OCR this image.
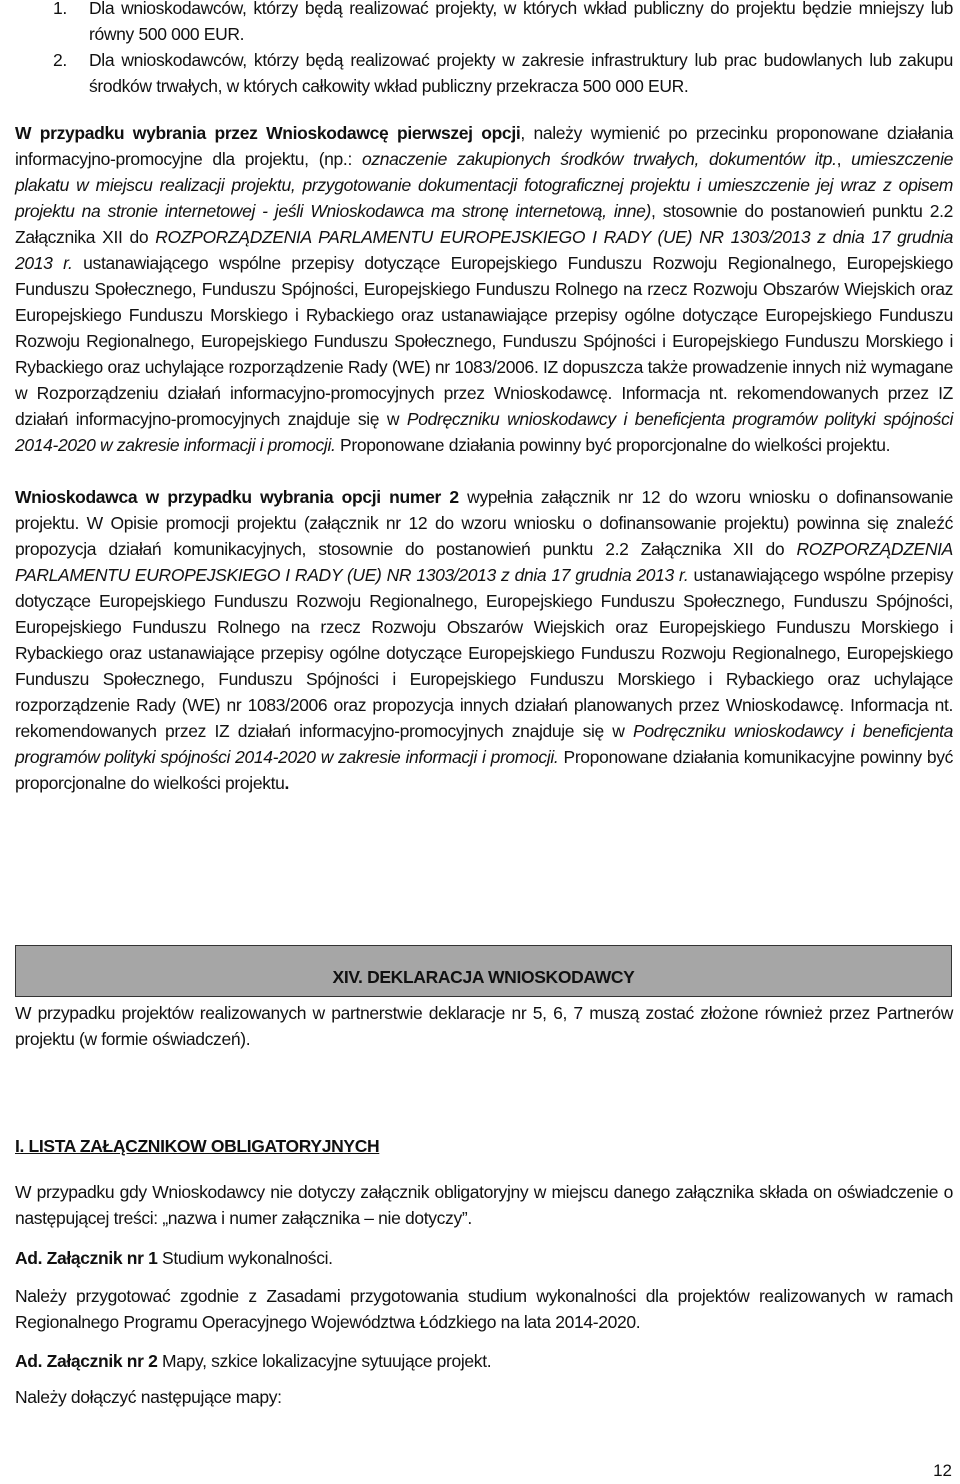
1. Dla wnioskodawców, którzy będą realizować projekty, w których wkład publiczny do projektu będzie mniejszy lub równy 500 000 EUR.
2. Dla wnioskodawców, którzy będą realizować projekty w zakresie infrastruktury lub prac budowlanych lub zakupu środków trwałych, w których całkowity wkład publiczny przekracza 500 000 EUR.

W przypadku wybrania przez Wnioskodawcę pierwszej opcji, należy wymienić po przecinku proponowane działania informacyjno-promocyjne dla projektu, (np.: oznaczenie zakupionych środków trwałych, dokumentów itp., umieszczenie plakatu w miejscu realizacji projektu, przygotowanie dokumentacji fotograficznej projektu i umieszczenie jej wraz z opisem projektu na stronie internetowej - jeśli Wnioskodawca ma stronę internetową, inne), stosownie do postanowień punktu 2.2 Załącznika XII do ROZPORZĄDZENIA PARLAMENTU EUROPEJSKIEGO I RADY (UE) NR 1303/2013 z dnia 17 grudnia 2013 r. ustanawiającego wspólne przepisy dotyczące Europejskiego Funduszu Rozwoju Regionalnego, Europejskiego Funduszu Społecznego, Funduszu Spójności, Europejskiego Funduszu Rolnego na rzecz Rozwoju Obszarów Wiejskich oraz Europejskiego Funduszu Morskiego i Rybackiego oraz ustanawiające przepisy ogólne dotyczące Europejskiego Funduszu Rozwoju Regionalnego, Europejskiego Funduszu Społecznego, Funduszu Spójności i Europejskiego Funduszu Morskiego i Rybackiego oraz uchylające rozporządzenie Rady (WE) nr 1083/2006. IZ dopuszcza także prowadzenie innych niż wymagane w Rozporządzeniu działań informacyjno-promocyjnych przez Wnioskodawcę. Informacja nt. rekomendowanych przez IZ działań informacyjno-promocyjnych znajduje się w Podręczniku wnioskodawcy i beneficjenta programów polityki spójności 2014-2020 w zakresie informacji i promocji. Proponowane działania powinny być proporcjonalne do wielkości projektu.

Wnioskodawca w przypadku wybrania opcji numer 2 wypełnia załącznik nr 12 do wzoru wniosku o dofinansowanie projektu. W Opisie promocji projektu (załącznik nr 12 do wzoru wniosku o dofinansowanie projektu) powinna się znaleźć propozycja działań komunikacyjnych, stosownie do postanowień punktu 2.2 Załącznika XII do ROZPORZĄDZENIA PARLAMENTU EUROPEJSKIEGO I RADY (UE) NR 1303/2013 z dnia 17 grudnia 2013 r. ustanawiającego wspólne przepisy dotyczące Europejskiego Funduszu Rozwoju Regionalnego, Europejskiego Funduszu Społecznego, Funduszu Spójności, Europejskiego Funduszu Rolnego na rzecz Rozwoju Obszarów Wiejskich oraz Europejskiego Funduszu Morskiego i Rybackiego oraz ustanawiające przepisy ogólne dotyczące Europejskiego Funduszu Rozwoju Regionalnego, Europejskiego Funduszu Społecznego, Funduszu Spójności i Europejskiego Funduszu Morskiego i Rybackiego oraz uchylające rozporządzenie Rady (WE) nr 1083/2006 oraz propozycja innych działań planowanych przez Wnioskodawcę. Informacja nt. rekomendowanych przez IZ działań informacyjno-promocyjnych znajduje się w Podręczniku wnioskodawcy i beneficjenta programów polityki spójności 2014-2020 w zakresie informacji i promocji. Proponowane działania komunikacyjne powinny być proporcjonalne do wielkości projektu.

XIV. DEKLARACJA WNIOSKODAWCY

W przypadku projektów realizowanych w partnerstwie deklaracje nr 5, 6, 7 muszą zostać złożone również przez Partnerów projektu (w formie oświadczeń).

I. LISTA ZAŁĄCZNIKOW OBLIGATORYJNYCH

W przypadku gdy Wnioskodawcy nie dotyczy załącznik obligatoryjny w miejscu danego załącznika składa on oświadczenie o następującej treści: „nazwa i numer załącznika – nie dotyczy”.

Ad. Załącznik nr 1 Studium wykonalności.

Należy przygotować zgodnie z Zasadami przygotowania studium wykonalności dla projektów realizowanych w ramach Regionalnego Programu Operacyjnego Województwa Łódzkiego na lata 2014-2020.

Ad. Załącznik nr 2 Mapy, szkice lokalizacyjne sytuujące projekt.

Należy dołączyć następujące mapy:

12
